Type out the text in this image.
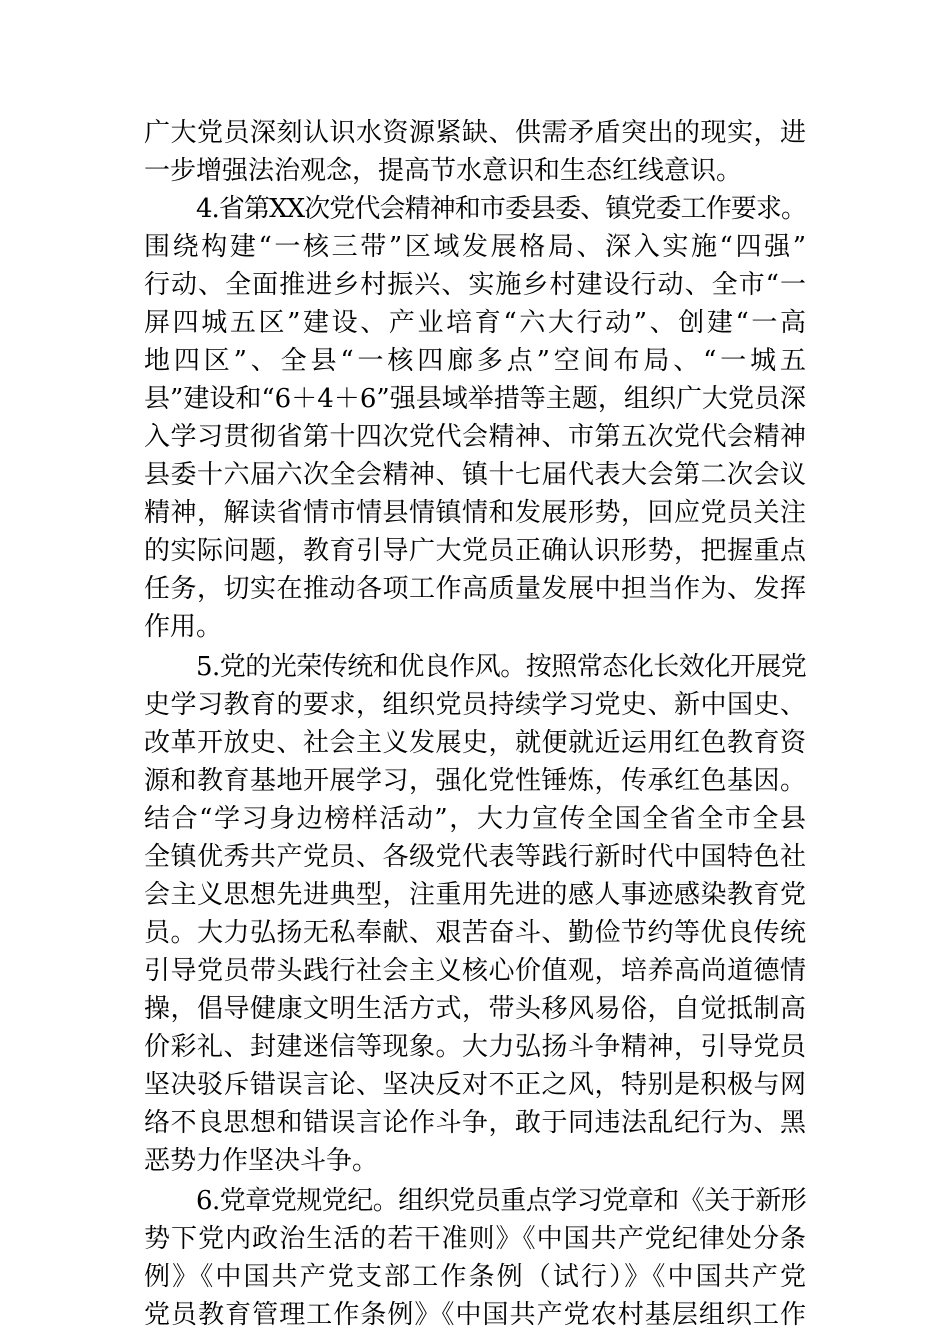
广大党员深刻认识水资源紧缺、供需矛盾突出的现实，进
一步增强法治观念，提高节水意识和生态红线意识。
4.省第XX次党代会精神和市委县委、镇党委工作要求。
围绕构建“一核三带”区域发展格局、深入实施“四强”
行动、全面推进乡村振兴、实施乡村建设行动、全市“一
屏四城五区”建设、产业培育“六大行动”、创建“一高
地四区”、全县“一核四廊多点”空间布局、“一城五
县”建设和“6＋4＋6”强县域举措等主题，组织广大党员深
入学习贯彻省第十四次党代会精神、市第五次党代会精神
县委十六届六次全会精神、镇十七届代表大会第二次会议
精神，解读省情市情县情镇情和发展形势，回应党员关注
的实际问题，教育引导广大党员正确认识形势，把握重点
任务，切实在推动各项工作高质量发展中担当作为、发挥
作用。
5.党的光荣传统和优良作风。按照常态化长效化开展党
史学习教育的要求，组织党员持续学习党史、新中国史、
改革开放史、社会主义发展史，就便就近运用红色教育资
源和教育基地开展学习，强化党性锤炼，传承红色基因。
结合“学习身边榜样活动”，大力宣传全国全省全市全县
全镇优秀共产党员、各级党代表等践行新时代中国特色社
会主义思想先进典型，注重用先进的感人事迹感染教育党
员。大力弘扬无私奉献、艰苦奋斗、勤俭节约等优良传统
引导党员带头践行社会主义核心价值观，培养高尚道德情
操，倡导健康文明生活方式，带头移风易俗，自觉抵制高
价彩礼、封建迷信等现象。大力弘扬斗争精神，引导党员
坚决驳斥错误言论、坚决反对不正之风，特别是积极与网
络不良思想和错误言论作斗争，敢于同违法乱纪行为、黑
恶势力作坚决斗争。
6.党章党规党纪。组织党员重点学习党章和《关于新形
势下党内政治生活的若干准则》《中国共产党纪律处分条
例》《中国共产党支部工作条例（试行）》《中国共产党
党员教育管理工作条例》《中国共产党农村基层组织工作
